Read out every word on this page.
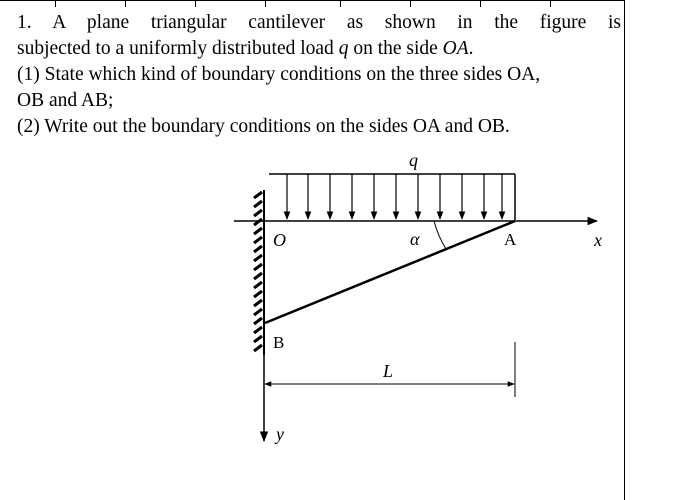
1. A plane triangular cantilever as shown in the figure is

subjected to a uniformly distributed load q on the side OA.

(1) State which kind of boundary conditions on the three sides OA,

OB and AB;

(2) Write out the boundary conditions on the sides OA and OB.

q
O	α	A	x
B
L
y
